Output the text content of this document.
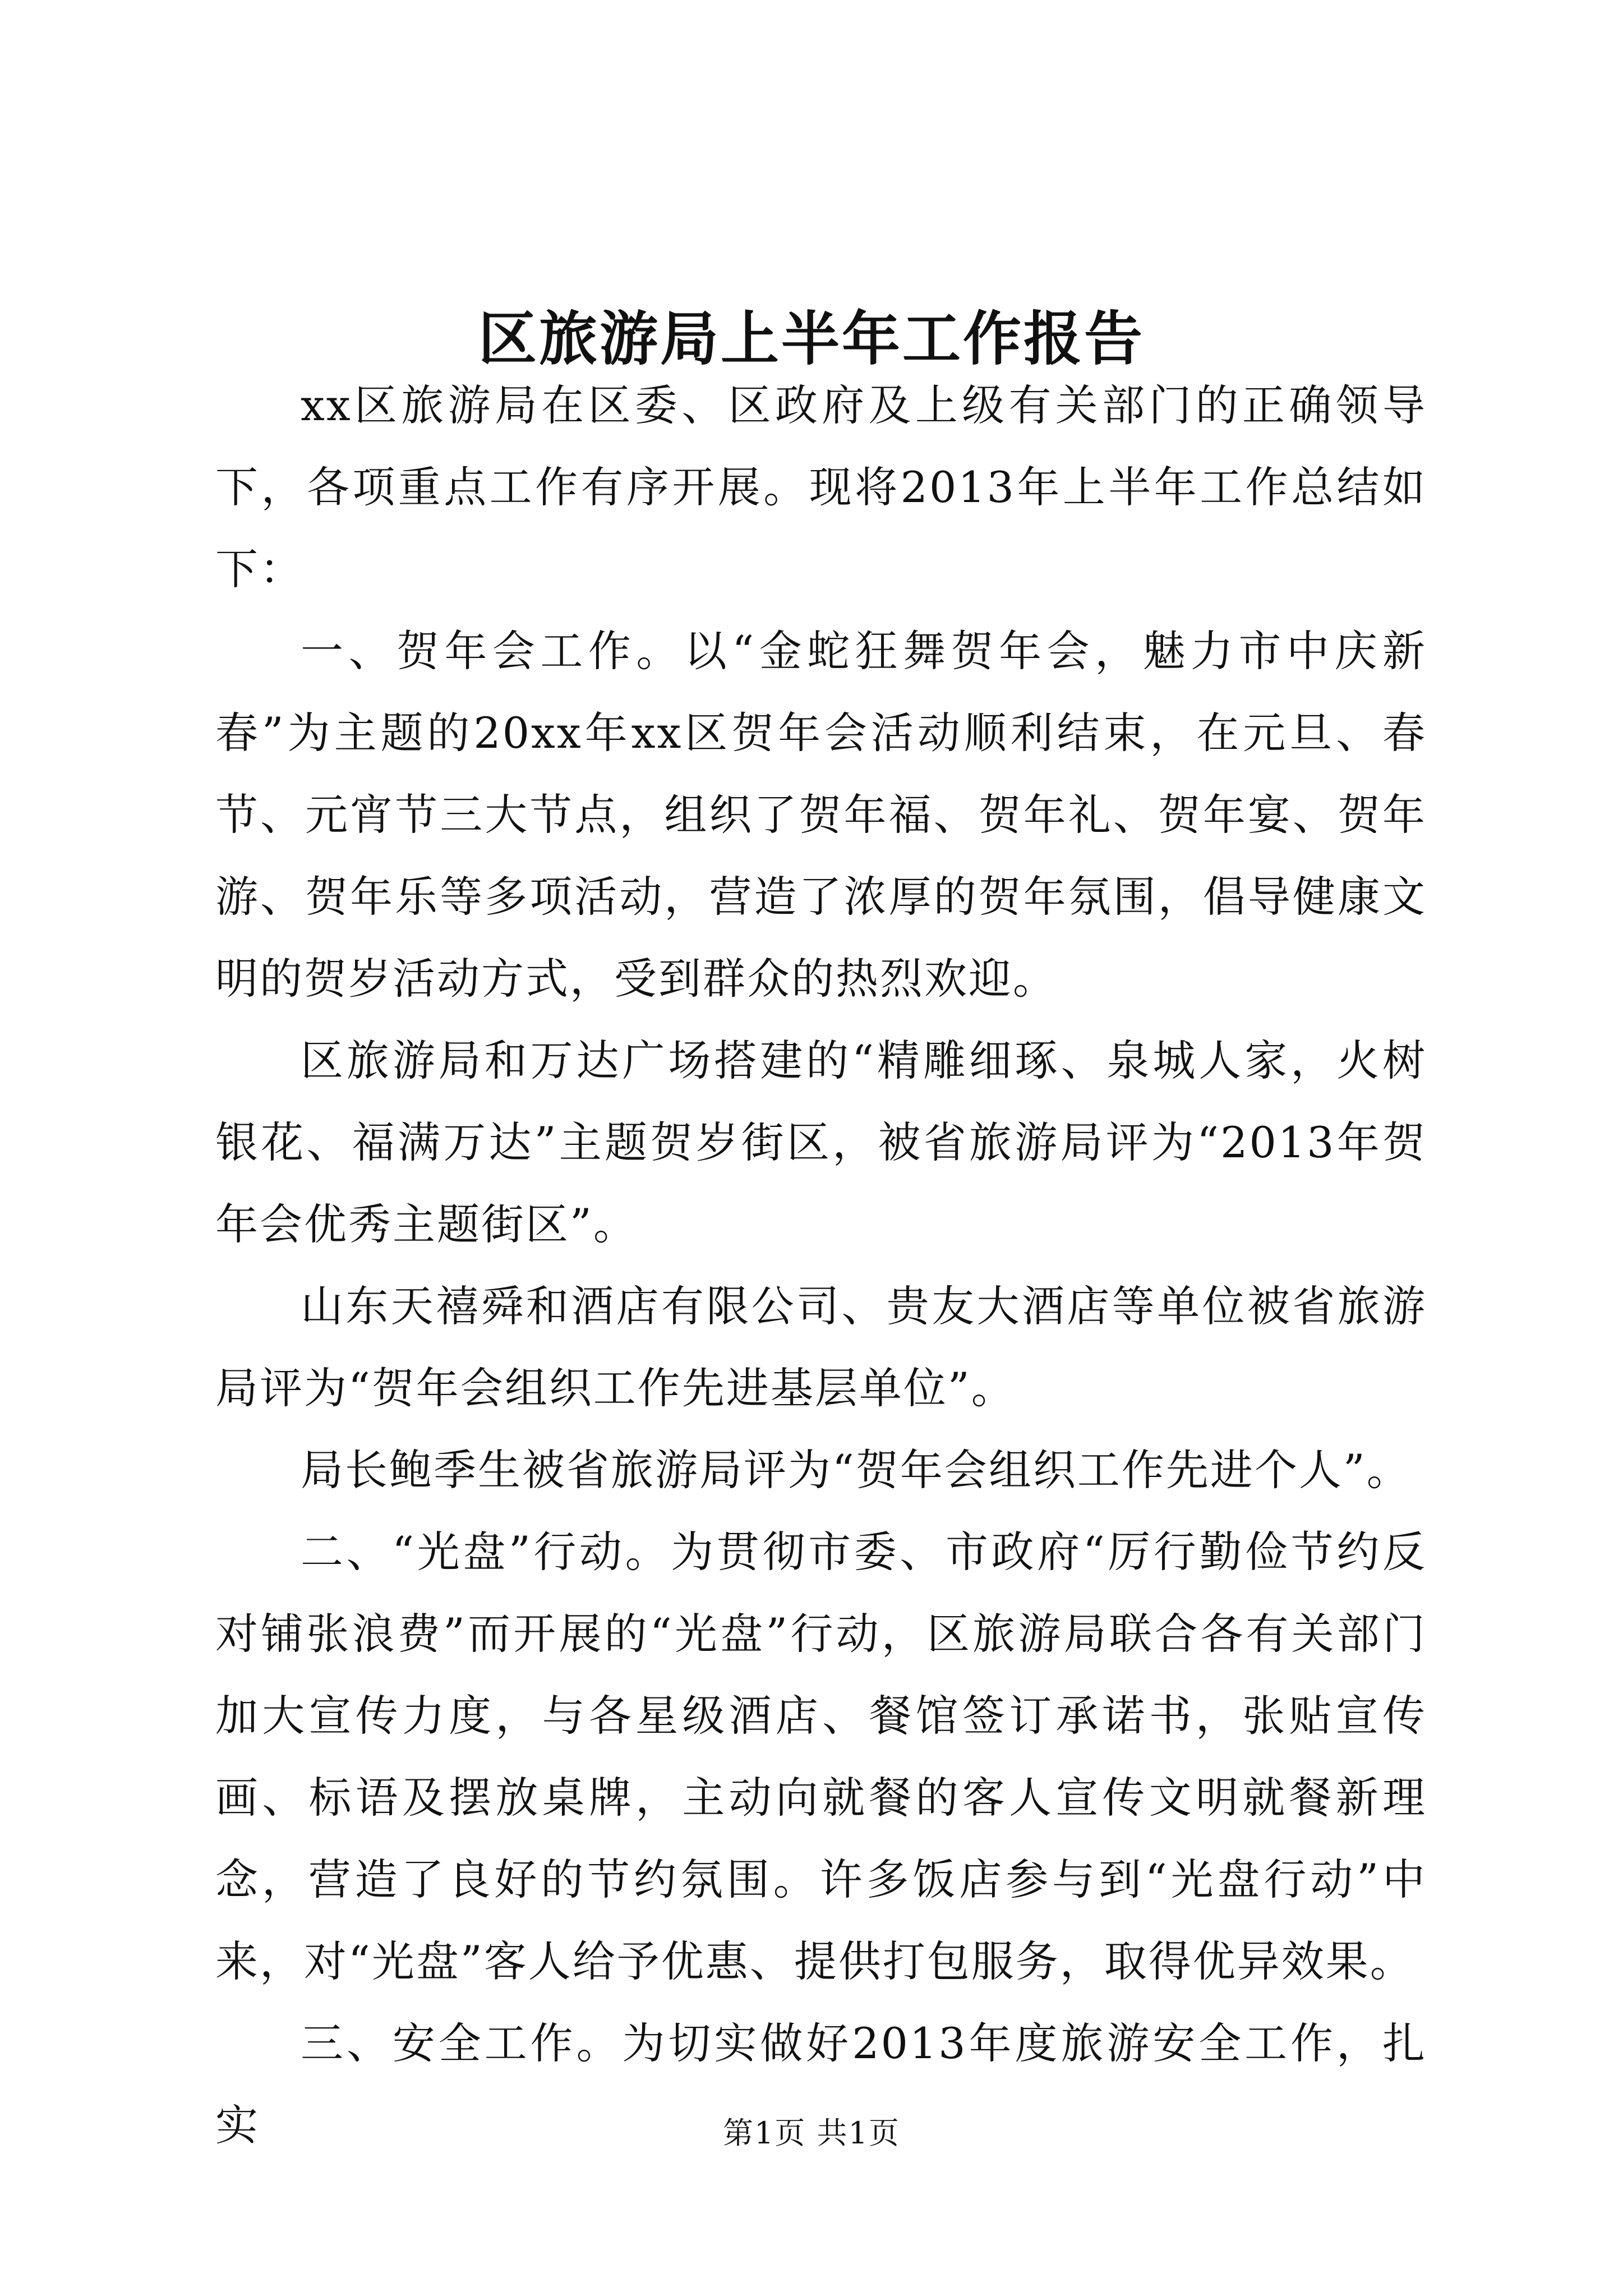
区旅游局上半年工作报告

xx区旅游局在区委、区政府及上级有关部门的正确领导下，各项重点工作有序开展。现将2013年上半年工作总结如下：

一、贺年会工作。以“金蛇狂舞贺年会，魅力市中庆新春”为主题的20xx年xx区贺年会活动顺利结束，在元旦、春节、元宵节三大节点，组织了贺年福、贺年礼、贺年宴、贺年游、贺年乐等多项活动，营造了浓厚的贺年氛围，倡导健康文明的贺岁活动方式，受到群众的热烈欢迎。

区旅游局和万达广场搭建的“精雕细琢、泉城人家，火树银花、福满万达”主题贺岁街区，被省旅游局评为“2013年贺年会优秀主题街区”。

山东天禧舜和酒店有限公司、贵友大酒店等单位被省旅游局评为“贺年会组织工作先进基层单位”。

局长鲍季生被省旅游局评为“贺年会组织工作先进个人”。

二、“光盘”行动。为贯彻市委、市政府“厉行勤俭节约反对铺张浪费”而开展的“光盘”行动，区旅游局联合各有关部门加大宣传力度，与各星级酒店、餐馆签订承诺书，张贴宣传画、标语及摆放桌牌，主动向就餐的客人宣传文明就餐新理念，营造了良好的节约氛围。许多饭店参与到“光盘行动”中来，对“光盘”客人给予优惠、提供打包服务，取得优异效果。

三、安全工作。为切实做好2013年度旅游安全工作，扎实	第1页 共1页
